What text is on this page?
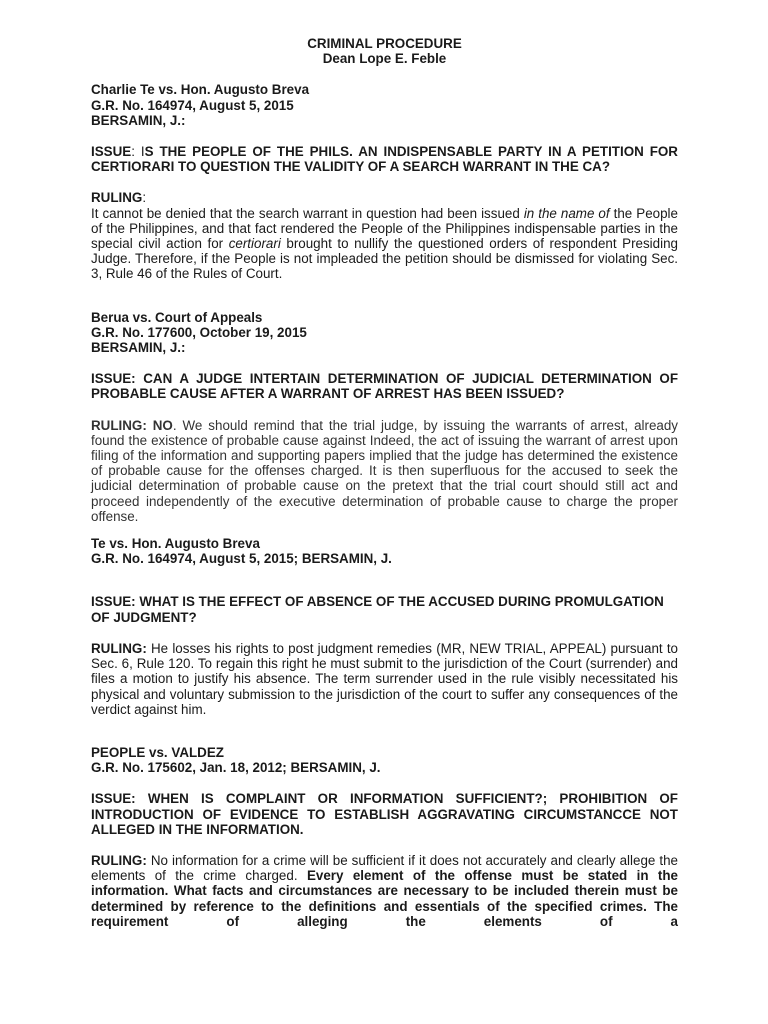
CRIMINAL PROCEDURE

Dean Lope E. Feble

Charlie Te vs. Hon. Augusto Breva

G.R. No. 164974, August 5, 2015

BERSAMIN, J.:

ISSUE: IS THE PEOPLE OF THE PHILS. AN INDISPENSABLE PARTY IN A PETITION FOR CERTIORARI TO QUESTION THE VALIDITY OF A SEARCH WARRANT IN THE CA?

RULING:

It cannot be denied that the search warrant in question had been issued in the name of the People of the Philippines, and that fact rendered the People of the Philippines indispensable parties in the special civil action for certiorari brought to nullify the questioned orders of respondent Presiding Judge. Therefore, if the People is not impleaded the petition should be dismissed for violating Sec. 3, Rule 46 of the Rules of Court.

Berua vs. Court of Appeals

G.R. No. 177600, October 19, 2015

BERSAMIN, J.:

ISSUE: CAN A JUDGE INTERTAIN DETERMINATION OF JUDICIAL DETERMINATION OF PROBABLE CAUSE AFTER A WARRANT OF ARREST HAS BEEN ISSUED?

RULING: NO. We should remind that the trial judge, by issuing the warrants of arrest, already found the existence of probable cause against Indeed, the act of issuing the warrant of arrest upon filing of the information and supporting papers implied that the judge has determined the existence of probable cause for the offenses charged. It is then superfluous for the accused to seek the judicial determination of probable cause on the pretext that the trial court should still act and proceed independently of the executive determination of probable cause to charge the proper offense.

Te vs. Hon. Augusto Breva

G.R. No. 164974, August 5, 2015; BERSAMIN, J.

ISSUE: WHAT IS THE EFFECT OF ABSENCE OF THE ACCUSED DURING PROMULGATION OF JUDGMENT?

RULING: He losses his rights to post judgment remedies (MR, NEW TRIAL, APPEAL) pursuant to Sec. 6, Rule 120. To regain this right he must submit to the jurisdiction of the Court (surrender) and files a motion to justify his absence. The term surrender used in the rule visibly necessitated his physical and voluntary submission to the jurisdiction of the court to suffer any consequences of the verdict against him.

PEOPLE vs. VALDEZ

G.R. No. 175602, Jan. 18, 2012; BERSAMIN, J.

ISSUE: WHEN IS COMPLAINT OR INFORMATION SUFFICIENT?; PROHIBITION OF INTRODUCTION OF EVIDENCE TO ESTABLISH AGGRAVATING CIRCUMSTANCCE NOT ALLEGED IN THE INFORMATION.

RULING: No information for a crime will be sufficient if it does not accurately and clearly allege the elements of the crime charged. Every element of the offense must be stated in the information. What facts and circumstances are necessary to be included therein must be determined by reference to the definitions and essentials of the specified crimes. The requirement of alleging the elements of a
